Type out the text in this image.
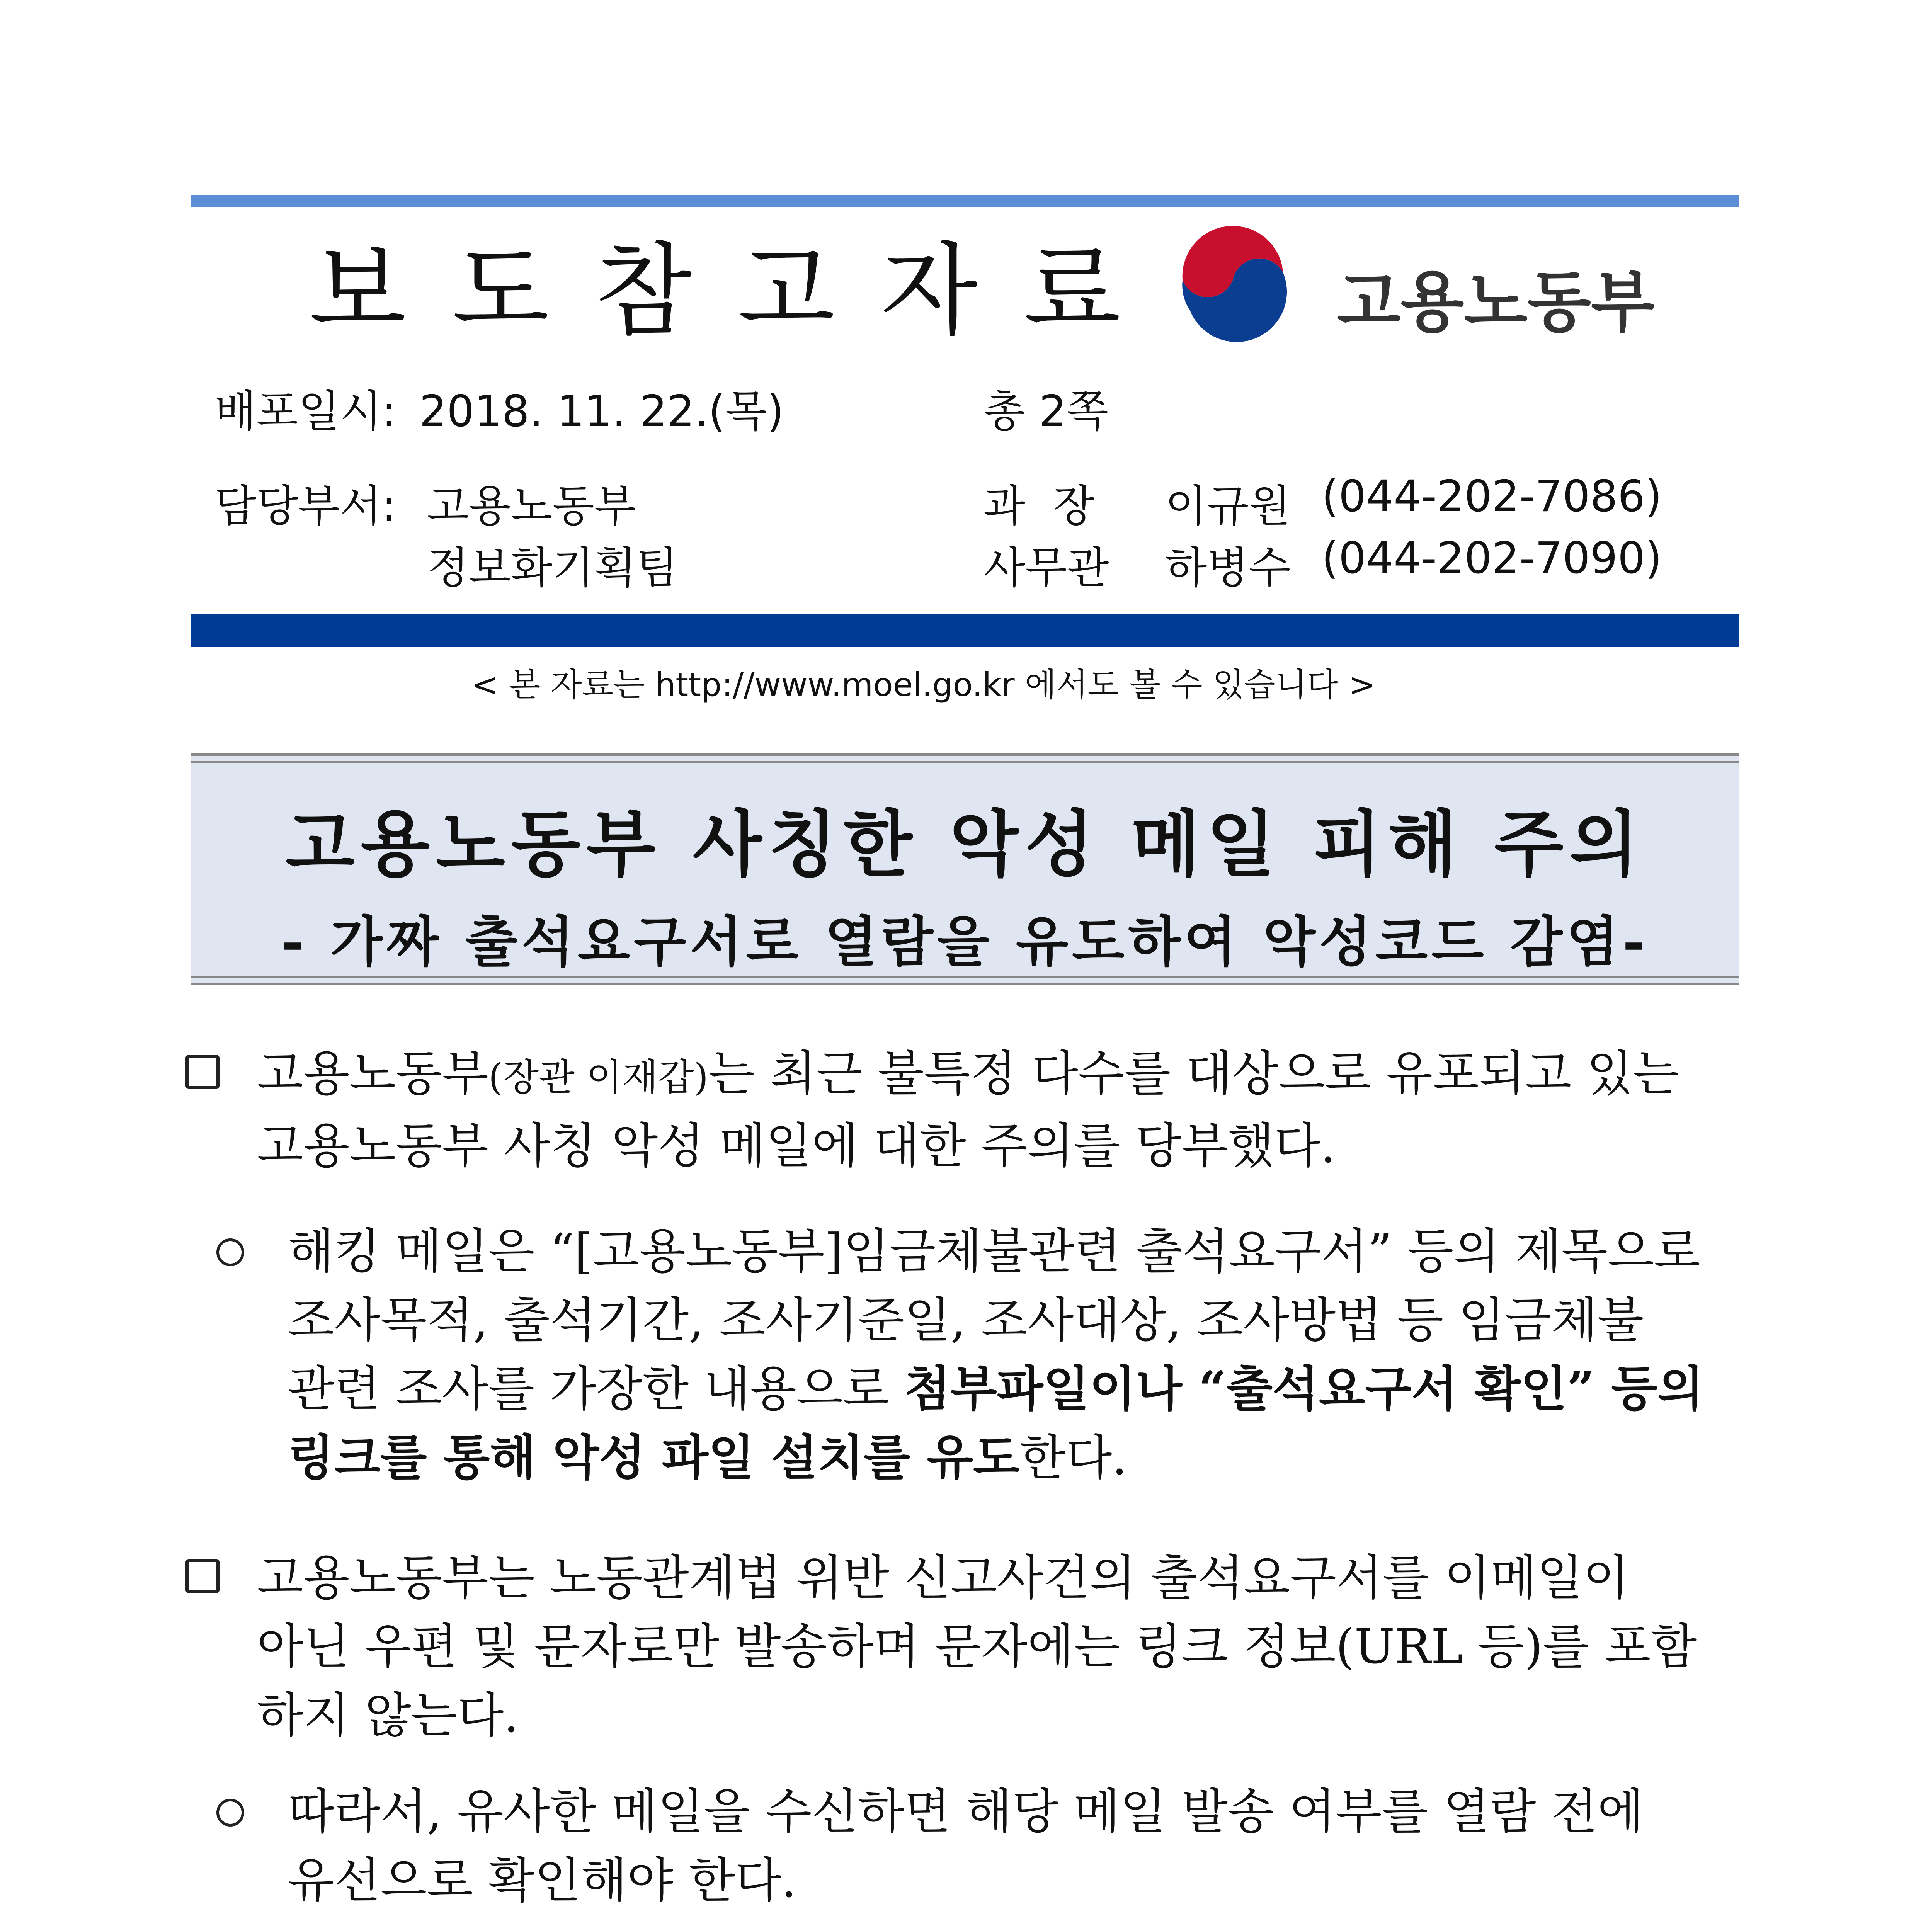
보 도 참 고 자 료	고용노동부
배포일시: 2018. 11. 22.(목)	총 2쪽
담당부서: 고용노동부
정보화기획팀
과  장 이규원 (044-202-7086)
사무관 하병수 (044-202-7090)
< 본 자료는 http://www.moel.go.kr 에서도 볼 수 있습니다 >
고용노동부 사칭한 악성 메일 피해 주의
- 가짜 출석요구서로 열람을 유도하여 악성코드 감염-
고용노동부(장관 이재갑)는 최근 불특정 다수를 대상으로 유포되고 있는
고용노동부 사칭 악성 메일에 대한 주의를 당부했다.
해킹 메일은 “[고용노동부]임금체불관련 출석요구서” 등의 제목으로
조사목적, 출석기간, 조사기준일, 조사대상, 조사방법 등 임금체불
관련 조사를 가장한 내용으로 첨부파일이나 “출석요구서 확인” 등의
링크를 통해 악성 파일 설치를 유도한다.
고용노동부는 노동관계법 위반 신고사건의 출석요구서를 이메일이
아닌 우편 및 문자로만 발송하며 문자에는 링크 정보(URL 등)를 포함
하지 않는다.
따라서, 유사한 메일을 수신하면 해당 메일 발송 여부를 열람 전에
유선으로 확인해야 한다.
